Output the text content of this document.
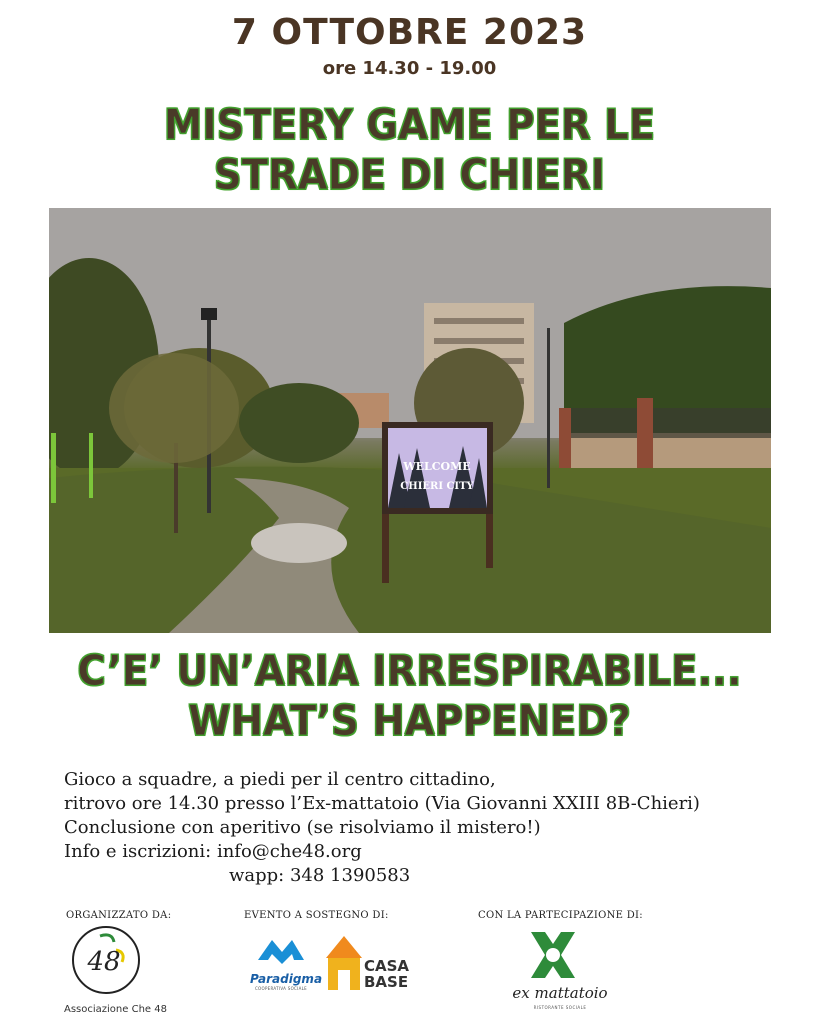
7 OTTOBRE 2023
ore 14.30 - 19.00
MISTERY GAME PER LE
STRADE DI CHIERI
WELCOME
CHIERI CITY
C’E’ UN’ARIA IRRESPIRABILE...
WHAT’S HAPPENED?
Gioco a squadre, a piedi per il centro cittadino,
ritrovo ore 14.30 presso l’Ex-mattatoio (Via Giovanni XXIII 8B-Chieri)
Conclusione con aperitivo (se risolviamo il mistero!)
Info e iscrizioni: info@che48.org
wapp: 348 1390583
ORGANIZZATO DA:
48
Associazione Che 48
EVENTO A SOSTEGNO DI:
Paradigma
COOPERATIVA SOCIALE
CASA
BASE
CON LA PARTECIPAZIONE DI:
ex mattatoio
RISTORANTE SOCIALE
